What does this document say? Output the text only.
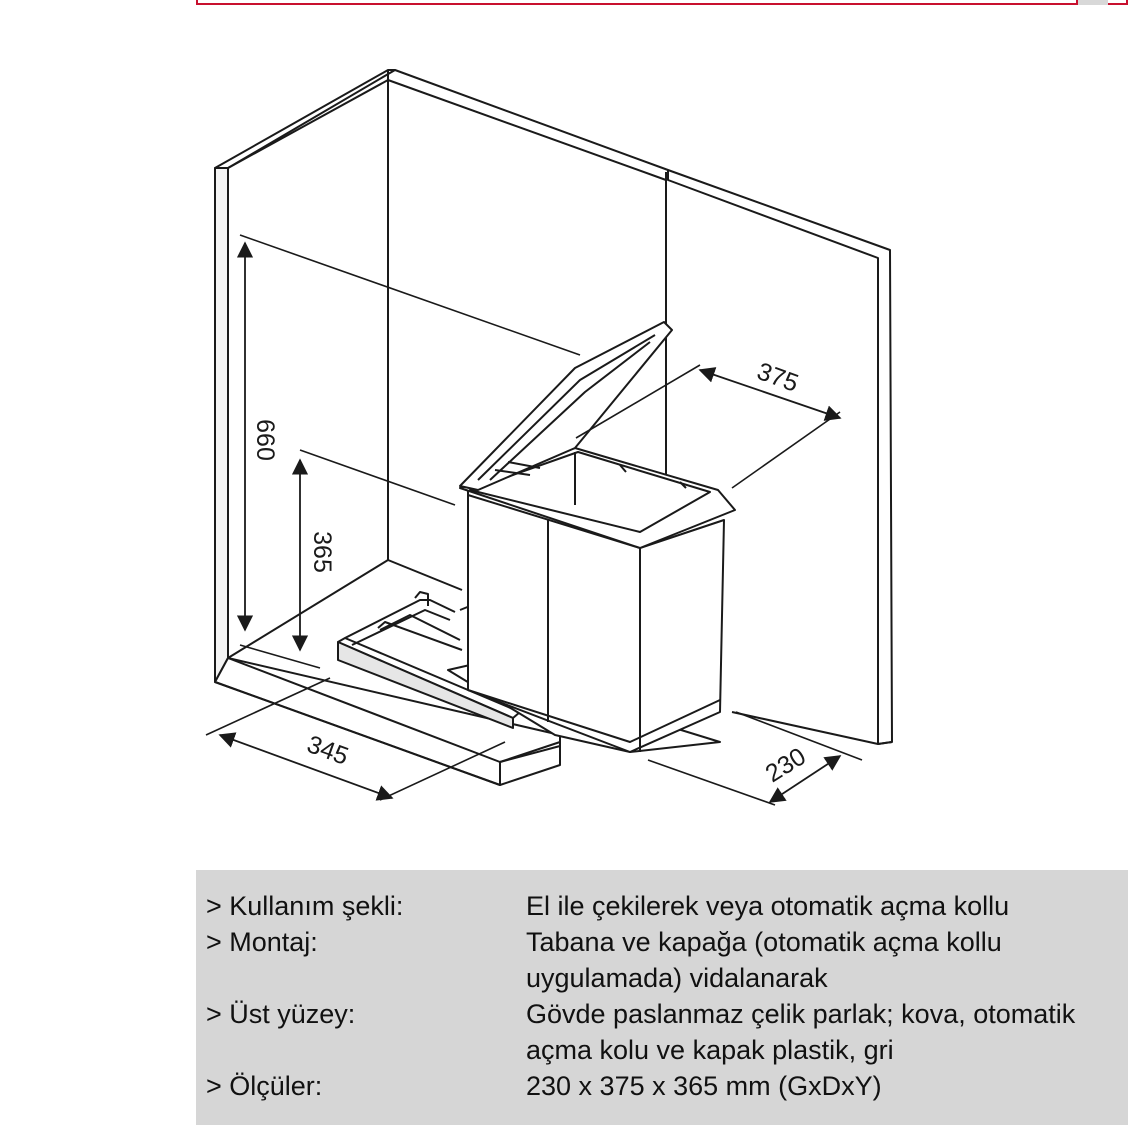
660
365
375
230
345
> Kullanım şekli:	El ile çekilerek veya otomatik açma kollu
> Montaj:	Tabana ve kapağa (otomatik açma kollu uygulamada) vidalanarak
> Üst yüzey:	Gövde paslanmaz çelik parlak; kova, otomatik açma kolu ve kapak plastik, gri
> Ölçüler:	230 x 375 x 365 mm (GxDxY)
